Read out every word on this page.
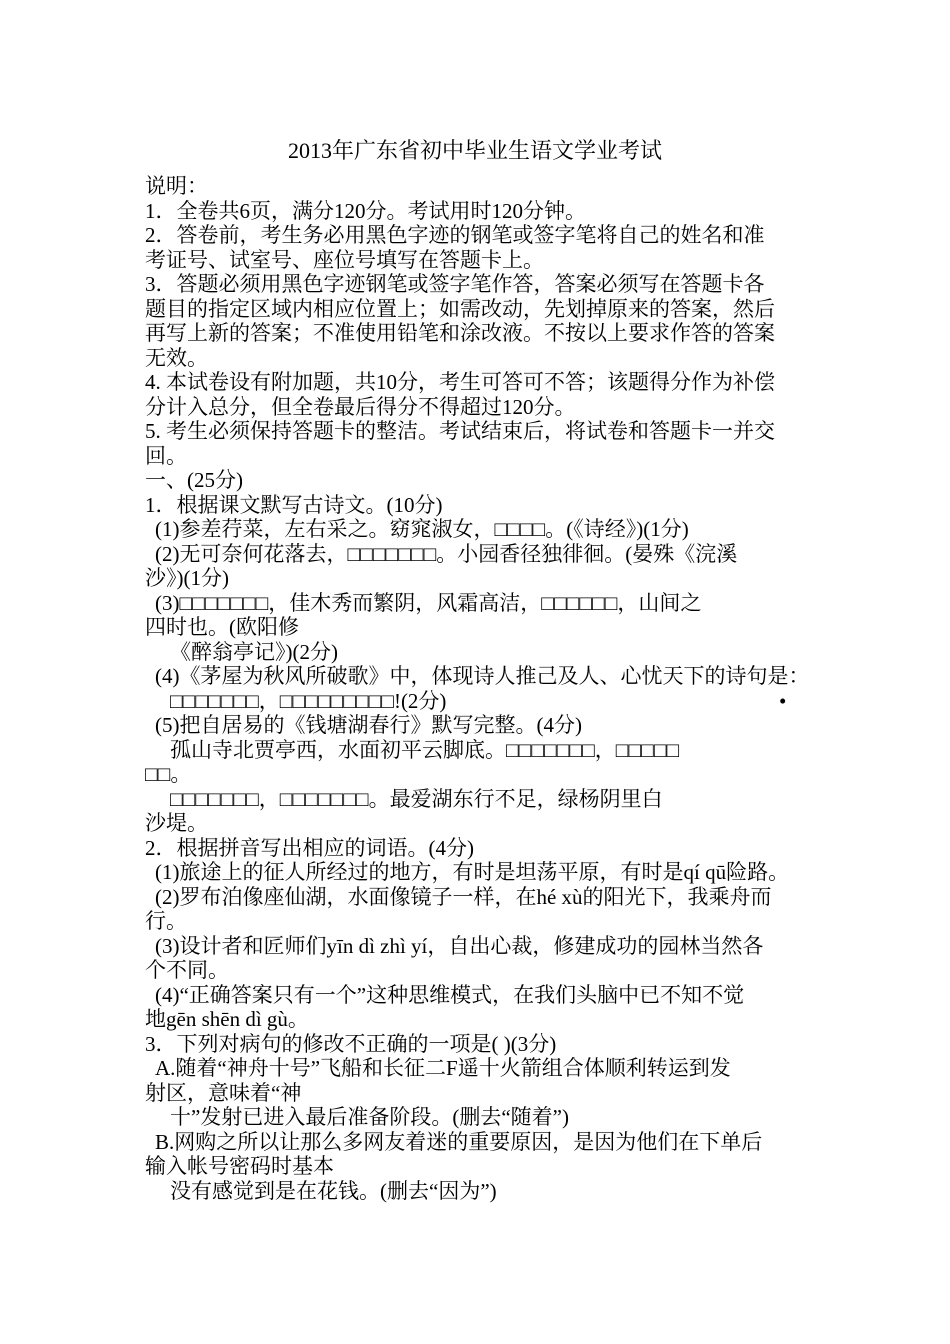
2013年广东省初中毕业生语文学业考试
说明：
1．全卷共6页，满分120分。考试用时120分钟。
2．答卷前，考生务必用黑色字迹的钢笔或签字笔将自己的姓名和准
考证号、试室号、座位号填写在答题卡上。
3．答题必须用黑色字迹钢笔或签字笔作答，答案必须写在答题卡各
题目的指定区域内相应位置上；如需改动，先划掉原来的答案，然后
再写上新的答案；不准使用铅笔和涂改液。不按以上要求作答的答案
无效。
4. 本试卷设有附加题，共10分，考生可答可不答；该题得分作为补偿
分计入总分，但全卷最后得分不得超过120分。
5. 考生必须保持答题卡的整洁。考试结束后，将试卷和答题卡一并交
回。
一、(25分)
1．根据课文默写古诗文。(10分)
(1)参差荇菜，左右采之。窈窕淑女，□□□□。(《诗经》)(1分)
(2)无可奈何花落去，□□□□□□□。小园香径独徘徊。(晏殊《浣溪
沙》)(1分)
(3)□□□□□□□，佳木秀而繁阴，风霜高洁，□□□□□□，山间之
四时也。(欧阳修
《醉翁亭记》)(2分)
(4)《茅屋为秋风所破歌》中，体现诗人推己及人、心忧天下的诗句是：
□□□□□□□，□□□□□□□□□!(2分)	•
(5)把自居易的《钱塘湖春行》默写完整。(4分)
孤山寺北贾亭西，水面初平云脚底。□□□□□□□，□□□□□
□□。
□□□□□□□，□□□□□□□。最爱湖东行不足，绿杨阴里白
沙堤。
2．根据拼音写出相应的词语。(4分)
(1)旅途上的征人所经过的地方，有时是坦荡平原，有时是qí qū险路。
(2)罗布泊像座仙湖，水面像镜子一样，在hé xù的阳光下，我乘舟而
行。
(3)设计者和匠师们yīn dì zhì yí，自出心裁，修建成功的园林当然各
个不同。
(4)“正确答案只有一个”这种思维模式，在我们头脑中已不知不觉
地gēn shēn dì gù。
3．下列对病句的修改不正确的一项是( )(3分)
A.随着“神舟十号”飞船和长征二F遥十火箭组合体顺利转运到发
射区，意味着“神
十”发射已进入最后准备阶段。(删去“随着”)
B.网购之所以让那么多网友着迷的重要原因，是因为他们在下单后
输入帐号密码时基本
没有感觉到是在花钱。(删去“因为”)
